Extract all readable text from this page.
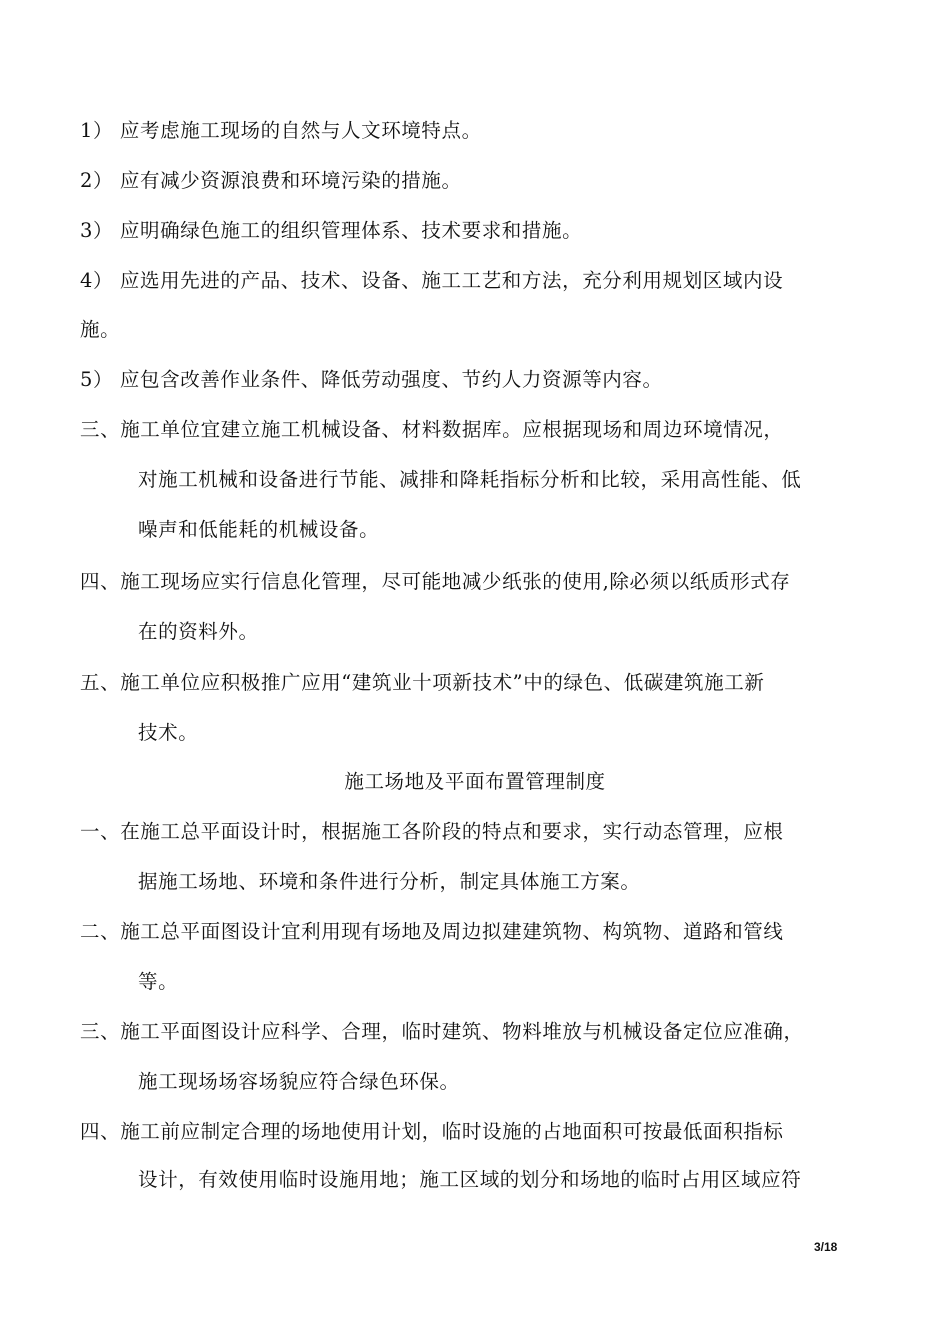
1） 应考虑施工现场的自然与人文环境特点。
2） 应有减少资源浪费和环境污染的措施。
3） 应明确绿色施工的组织管理体系、技术要求和措施。
4） 应选用先进的产品、技术、设备、施工工艺和方法，充分利用规划区域内设
施。
5） 应包含改善作业条件、降低劳动强度、节约人力资源等内容。
三、施工单位宜建立施工机械设备、材料数据库。应根据现场和周边环境情况，
对施工机械和设备进行节能、减排和降耗指标分析和比较，采用高性能、低
噪声和低能耗的机械设备。
四、施工现场应实行信息化管理，尽可能地减少纸张的使用,除必须以纸质形式存
在的资料外。
五、施工单位应积极推广应用“建筑业十项新技术”中的绿色、低碳建筑施工新
技术。
施工场地及平面布置管理制度
一、在施工总平面设计时，根据施工各阶段的特点和要求，实行动态管理，应根
据施工场地、环境和条件进行分析，制定具体施工方案。
二、施工总平面图设计宜利用现有场地及周边拟建建筑物、构筑物、道路和管线
等。
三、施工平面图设计应科学、合理，临时建筑、物料堆放与机械设备定位应准确，
施工现场场容场貌应符合绿色环保。
四、施工前应制定合理的场地使用计划，临时设施的占地面积可按最低面积指标
设计，有效使用临时设施用地；施工区域的划分和场地的临时占用区域应符
3/18
